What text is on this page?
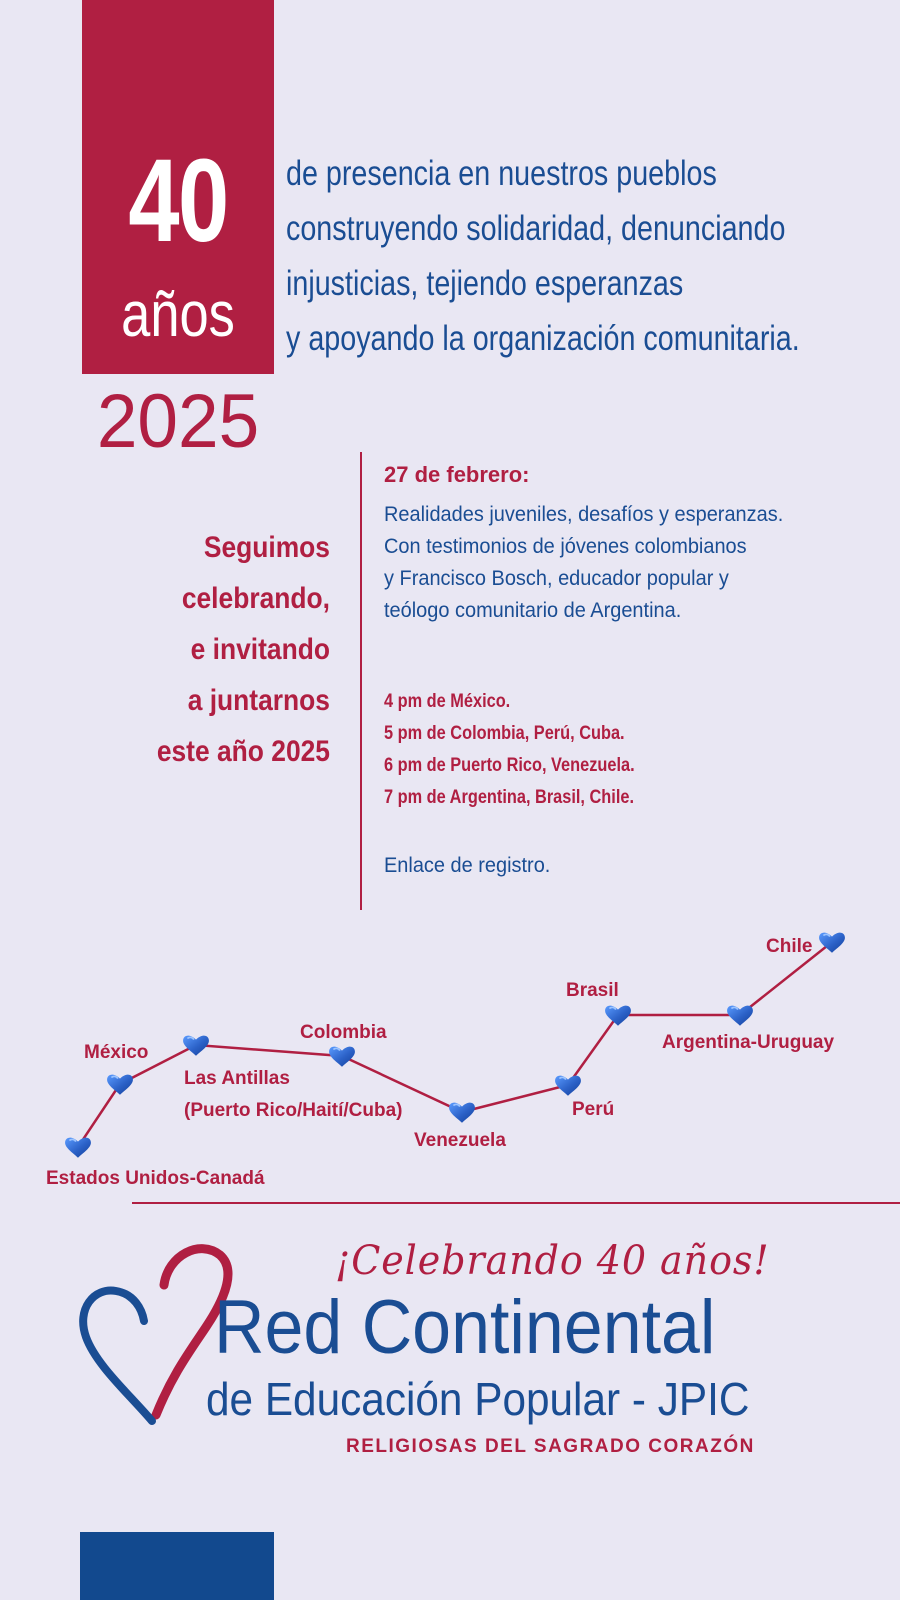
40
años
2025
de presencia en nuestros pueblos
construyendo solidaridad, denunciando
injusticias, tejiendo esperanzas
y apoyando la organización comunitaria.
Seguimos
celebrando,
e invitando
a juntarnos
este año 2025
27 de febrero:
Realidades juveniles, desafíos y esperanzas.
Con testimonios de jóvenes colombianos
y Francisco Bosch, educador popular y
teólogo comunitario de Argentina.
4 pm de México.
5 pm de Colombia, Perú, Cuba.
6 pm de Puerto Rico, Venezuela.
7 pm de Argentina, Brasil, Chile.
Enlace de registro.
Estados Unidos-Canadá
México
Las Antillas
(Puerto Rico/Haití/Cuba)
Colombia
Venezuela
Perú
Brasil
Argentina-Uruguay
Chile
¡Celebrando 40 años!
Red Continental
de Educación Popular - JPIC
RELIGIOSAS DEL SAGRADO CORAZÓN
